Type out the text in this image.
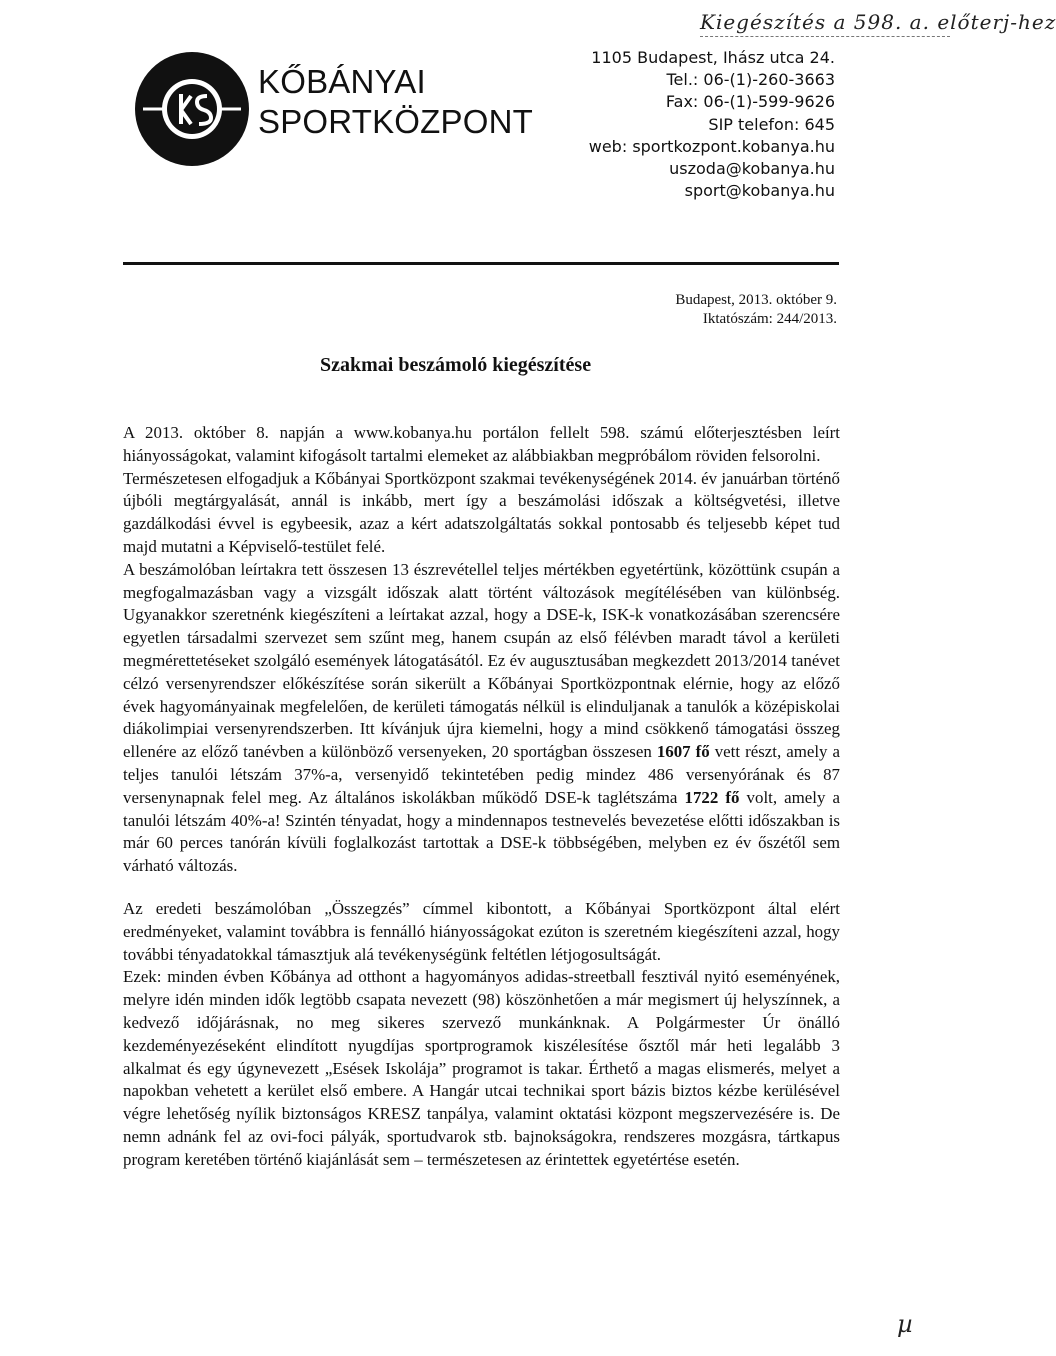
Kiegészítés a 598. a. előterj-hez
KŐBÁNYAI
SPORTKÖZPONT
1105 Budapest, Ihász utca 24.
Tel.: 06-(1)-260-3663
Fax: 06-(1)-599-9626
SIP telefon: 645
web: sportkozpont.kobanya.hu
uszoda@kobanya.hu
sport@kobanya.hu
Budapest, 2013. október 9.
Iktatószám: 244/2013.
Szakmai beszámoló kiegészítése

A 2013. október 8. napján a www.kobanya.hu portálon fellelt 598. számú előterjesztésben leírt hiányosságokat, valamint kifogásolt tartalmi elemeket az alábbiakban megpróbálom röviden felsorolni.

Természetesen elfogadjuk a Kőbányai Sportközpont szakmai tevékenységének 2014. év januárban történő újbóli megtárgyalását, annál is inkább, mert így a beszámolási időszak a költségvetési, illetve gazdálkodási évvel is egybeesik, azaz a kért adatszolgáltatás sokkal pontosabb és teljesebb képet tud majd mutatni a Képviselő-testület felé.

A beszámolóban leírtakra tett összesen 13 észrevétellel teljes mértékben egyetértünk, közöttünk csupán a megfogalmazásban vagy a vizsgált időszak alatt történt változások megítélésében van különbség. Ugyanakkor szeretnénk kiegészíteni a leírtakat azzal, hogy a DSE-k, ISK-k vonatkozásában szerencsére egyetlen társadalmi szervezet sem szűnt meg, hanem csupán az első félévben maradt távol a kerületi megmérettetéseket szolgáló események látogatásától. Ez év augusztusában megkezdett 2013/2014 tanévet célzó versenyrendszer előkészítése során sikerült a Kőbányai Sportközpontnak elérnie, hogy az előző évek hagyományainak megfelelően, de kerületi támogatás nélkül is elinduljanak a tanulók a középiskolai diákolimpiai versenyrendszerben. Itt kívánjuk újra kiemelni, hogy a mind csökkenő támogatási összeg ellenére az előző tanévben a különböző versenyeken, 20 sportágban összesen 1607 fő vett részt, amely a teljes tanulói létszám 37%-a, versenyidő tekintetében pedig mindez 486 versenyórának és 87 versenynapnak felel meg. Az általános iskolákban működő DSE-k taglétszáma 1722 fő volt, amely a tanulói létszám 40%-a! Szintén tényadat, hogy a mindennapos testnevelés bevezetése előtti időszakban is már 60 perces tanórán kívüli foglalkozást tartottak a DSE-k többségében, melyben ez év őszétől sem várható változás.

Az eredeti beszámolóban „Összegzés” címmel kibontott, a Kőbányai Sportközpont által elért eredményeket, valamint továbbra is fennálló hiányosságokat ezúton is szeretném kiegészíteni azzal, hogy további tényadatokkal támasztjuk alá tevékenységünk feltétlen létjogosultságát.

Ezek: minden évben Kőbánya ad otthont a hagyományos adidas-streetball fesztivál nyitó eseményének, melyre idén minden idők legtöbb csapata nevezett (98) köszönhetően a már megismert új helyszínnek, a kedvező időjárásnak, no meg sikeres szervező munkánknak. A Polgármester Úr önálló kezdeményezéseként elindított nyugdíjas sportprogramok kiszélesítése ősztől már heti legalább 3 alkalmat és egy úgynevezett „Esések Iskolája” programot is takar. Érthető a magas elismerés, melyet a napokban vehetett a kerület első embere. A Hangár utcai technikai sport bázis biztos kézbe kerülésével végre lehetőség nyílik biztonságos KRESZ tanpálya, valamint oktatási központ megszervezésére is. De nemn adnánk fel az ovi-foci pályák, sportudvarok stb. bajnokságokra, rendszeres mozgásra, tártkapus program keretében történő kiajánlását sem – természetesen az érintettek egyetértése esetén.

µ
